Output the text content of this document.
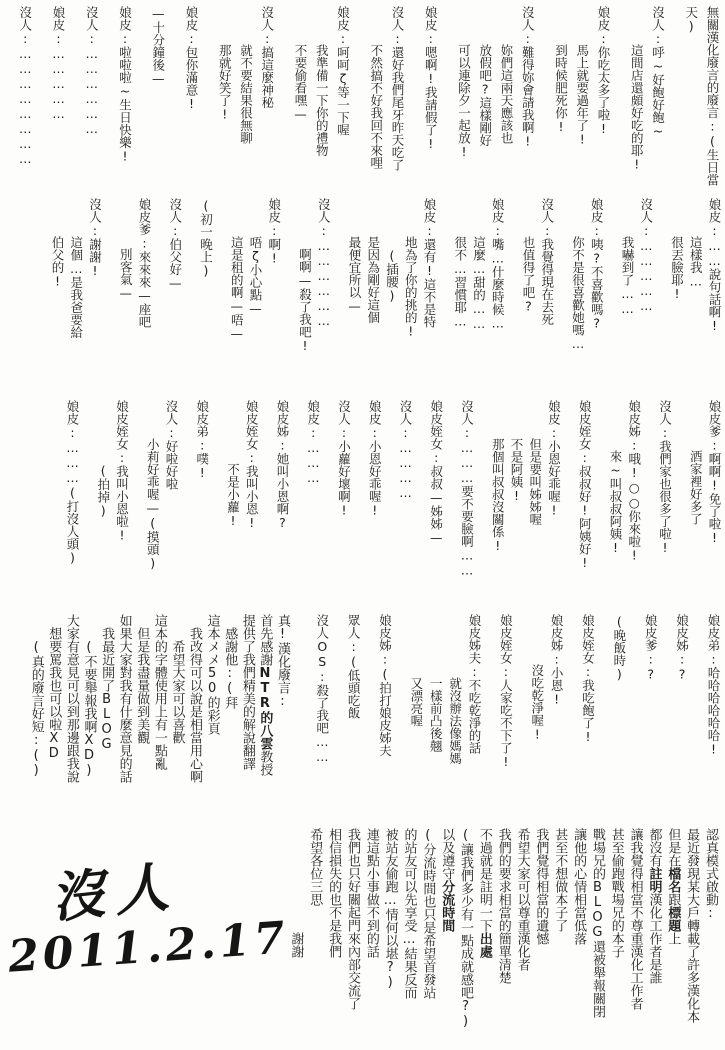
無關漢化廢言的廢言:(生日當天)
沒人:呼~好飽好飽~
這間店還頗好吃的耶!
娘皮:你吃太多了啦!
馬上就要過年了!
到時候肥死你!
沒人:難得妳會請我啊!
妳們這兩天應該也
放假吧?這樣剛好
可以連除夕一起放!
娘皮:嗯啊!我請假了!
沒人:還好我們尾牙昨天吃了
不然搞不好我回不來哩
娘皮:呵呵ζ等一下喔
我準備一下你的禮物
不要偷看嘿—
沒人:搞這麼神秘
就不要結果很無聊
那就好笑了!
娘皮:包你滿意!
—十分鐘後—
娘皮:啦啦啦~生日快樂!
沒人:………………
娘皮:……………
沒人:……………………
娘皮:……說句話啊!
這樣我…
很丟臉耶!
沒人:……………
我嚇到了……
娘皮:咦?不喜歡嗎?
你不是很喜歡她嗎…
沒人:我覺得現在去死
也值得了吧?
娘皮:嘴…什麼時候…
這麼…甜的……
很不…習慣耶…
娘皮:還有!這不是特
地為了你的挑的!
(插腰)
是因為剛好這個
最便宜所以—
沒人:………………
啊啊—殺了我吧!
娘皮:啊!
唔ζ小心點—
這是租的啊—唔—
(初一晚上)
沒人:伯父好—
娘皮爹:來來來—座吧
別客氣—
沒人:謝謝!
這個…是我爸要給
伯父的!
娘皮爹:啊啊!免了啦!
酒家裡好多了
沒人:我們家也很多了啦!
娘皮姊:哦!○○你來啦!
來~叫叔叔阿姨!
娘皮姪女:叔叔好!阿姨好!
娘皮:小恩好乖喔!
但是要叫姊姊喔
不是阿姨!
那個叫叔叔沒關係!
沒人:………要不要臉啊……
娘皮姪女:叔叔—姊姊—
沒人:…………
娘皮:小恩好乖喔!
沒人:小蘿好壞啊!
娘皮:………
娘皮姊:她叫小恩啊?
娘皮姪女:我叫小恩!
不是小蘿!
娘皮弟:噗!
沒人:好啦好啦
小莉好乖喔—(摸頭)
娘皮姪女:我叫小恩啦!
(拍掉)
娘皮:………(打沒人頭)
娘皮弟:哈哈哈哈哈哈!
娘皮姊:?
娘皮爹:?
(晚飯時)
娘皮姪女:我吃飽了!
娘皮姊:小恩!
沒吃乾淨喔!
娘皮姪女:人家吃不下了!
娘皮姊夫:不吃乾淨的話
就沒辦法像媽媽
一樣前凸後翹
又漂亮喔
娘皮姊:(拍打娘皮姊夫
眾人:(低頭吃飯
沒人OS:殺了我吧……
真!漢化廢言:
首先感謝NTR的八雲教授
提供了我們精美的解說翻譯
感謝他:(拜
這本メメ50的彩頁
我改得可以說是相當用心啊
希望大家可以喜歡
這本的字體使用上有一點亂
但是我盡量做到美觀
如果大家對我有什麼意見的話
我最近開了BLOG
(不要舉報我啊XD)
大家有意見可以到那邊跟我說
想要罵我也可以啦XD
(真的廢言好短:()
認真模式啟動:
最近發現某大戶轉載了許多漢化本
但是在檔名跟標題上
都沒有註明漢化工作者是誰
讓我覺得相當不尊重漢化工作者
甚至偷跑戰場兄的本子
戰場兄的BLOG還被舉報關閉
讓他的心情相當低落
甚至不想做本子了
我們覺得相當的遺憾
希望大家可以尊重漢化者
我們的要求相當的簡單清楚
不過就是註明一下出處
(讓我們多少有一點成就感吧?)
以及遵守分流時間
(分流時間也只是希望首發站
的站友可以先享受…結果反而
被站友偷跑…情何以堪?)
連這點小事做不到的話
我們也只好關起門來內部交流了
相信損失的也不是我們
希望各位三思
謝謝
沒人
2011.2.17
